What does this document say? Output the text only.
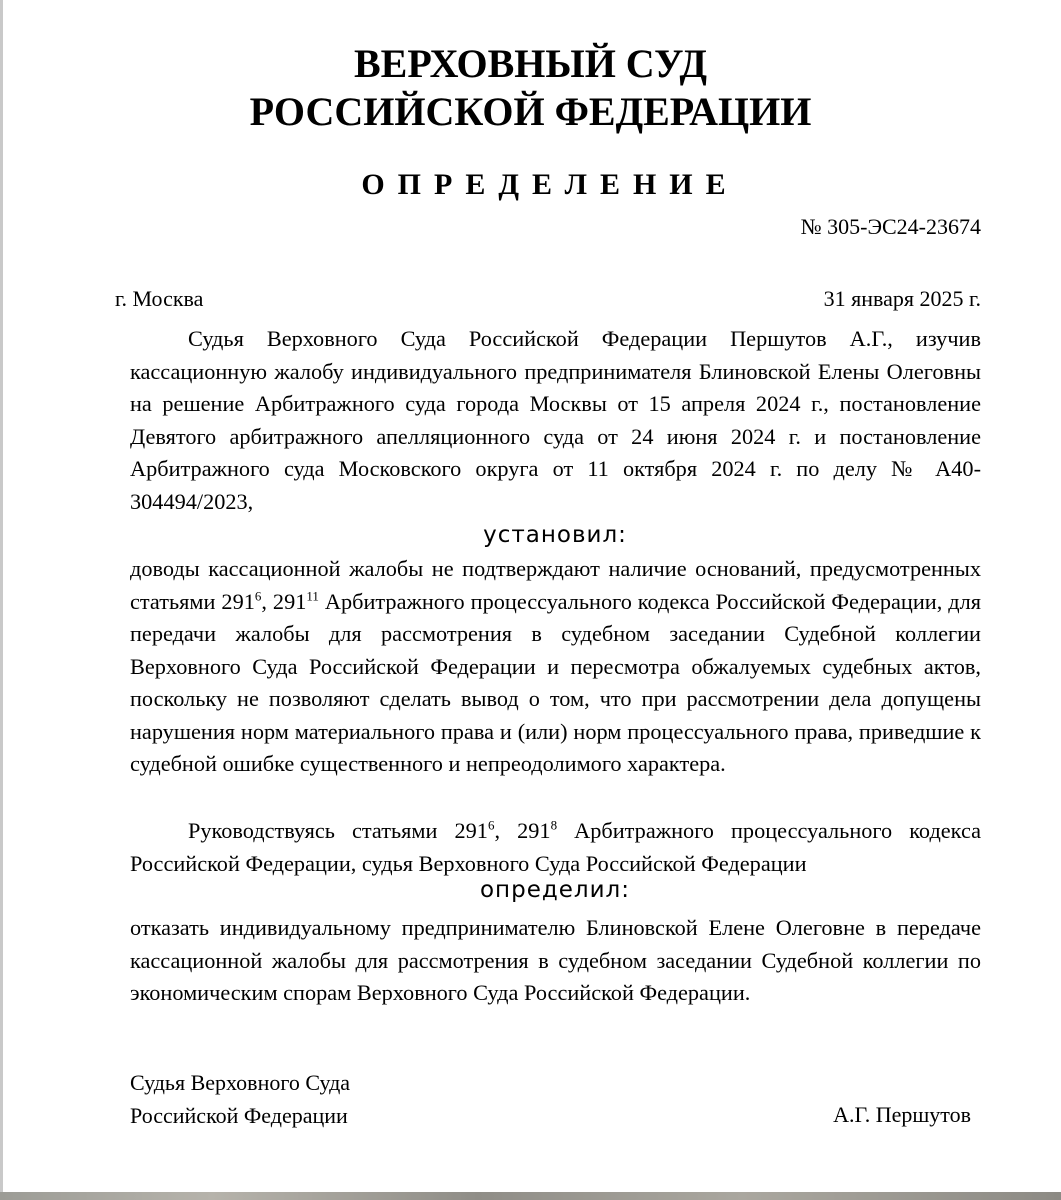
ВЕРХОВНЫЙ СУД
РОССИЙСКОЙ ФЕДЕРАЦИИ
ОПРЕДЕЛЕНИЕ
№ 305-ЭС24-23674
г. Москва	31 января 2025 г.
Судья Верховного Суда Российской Федерации Першутов А.Г., изучив кассационную жалобу индивидуального предпринимателя Блиновской Елены Олеговны на решение Арбитражного суда города Москвы от 15 апреля 2024 г., постановление Девятого арбитражного апелляционного суда от 24 июня 2024 г. и постановление Арбитражного суда Московского округа от 11 октября 2024 г. по делу № А40-304494/2023,
установил:
доводы кассационной жалобы не подтверждают наличие оснований, предусмотренных статьями $291^6$, $291^{11}$ Арбитражного процессуального кодекса Российской Федерации, для передачи жалобы для рассмотрения в судебном заседании Судебной коллегии Верховного Суда Российской Федерации и пересмотра обжалуемых судебных актов, поскольку не позволяют сделать вывод о том, что при рассмотрении дела допущены нарушения норм материального права и (или) норм процессуального права, приведшие к судебной ошибке существенного и непреодолимого характера.
Руководствуясь статьями $291^6$, $291^8$ Арбитражного процессуального кодекса Российской Федерации, судья Верховного Суда Российской Федерации
определил:
отказать индивидуальному предпринимателю Блиновской Елене Олеговне в передаче кассационной жалобы для рассмотрения в судебном заседании Судебной коллегии по экономическим спорам Верховного Суда Российской Федерации.
Судья Верховного Суда
Российской Федерации	А.Г. Першутов
